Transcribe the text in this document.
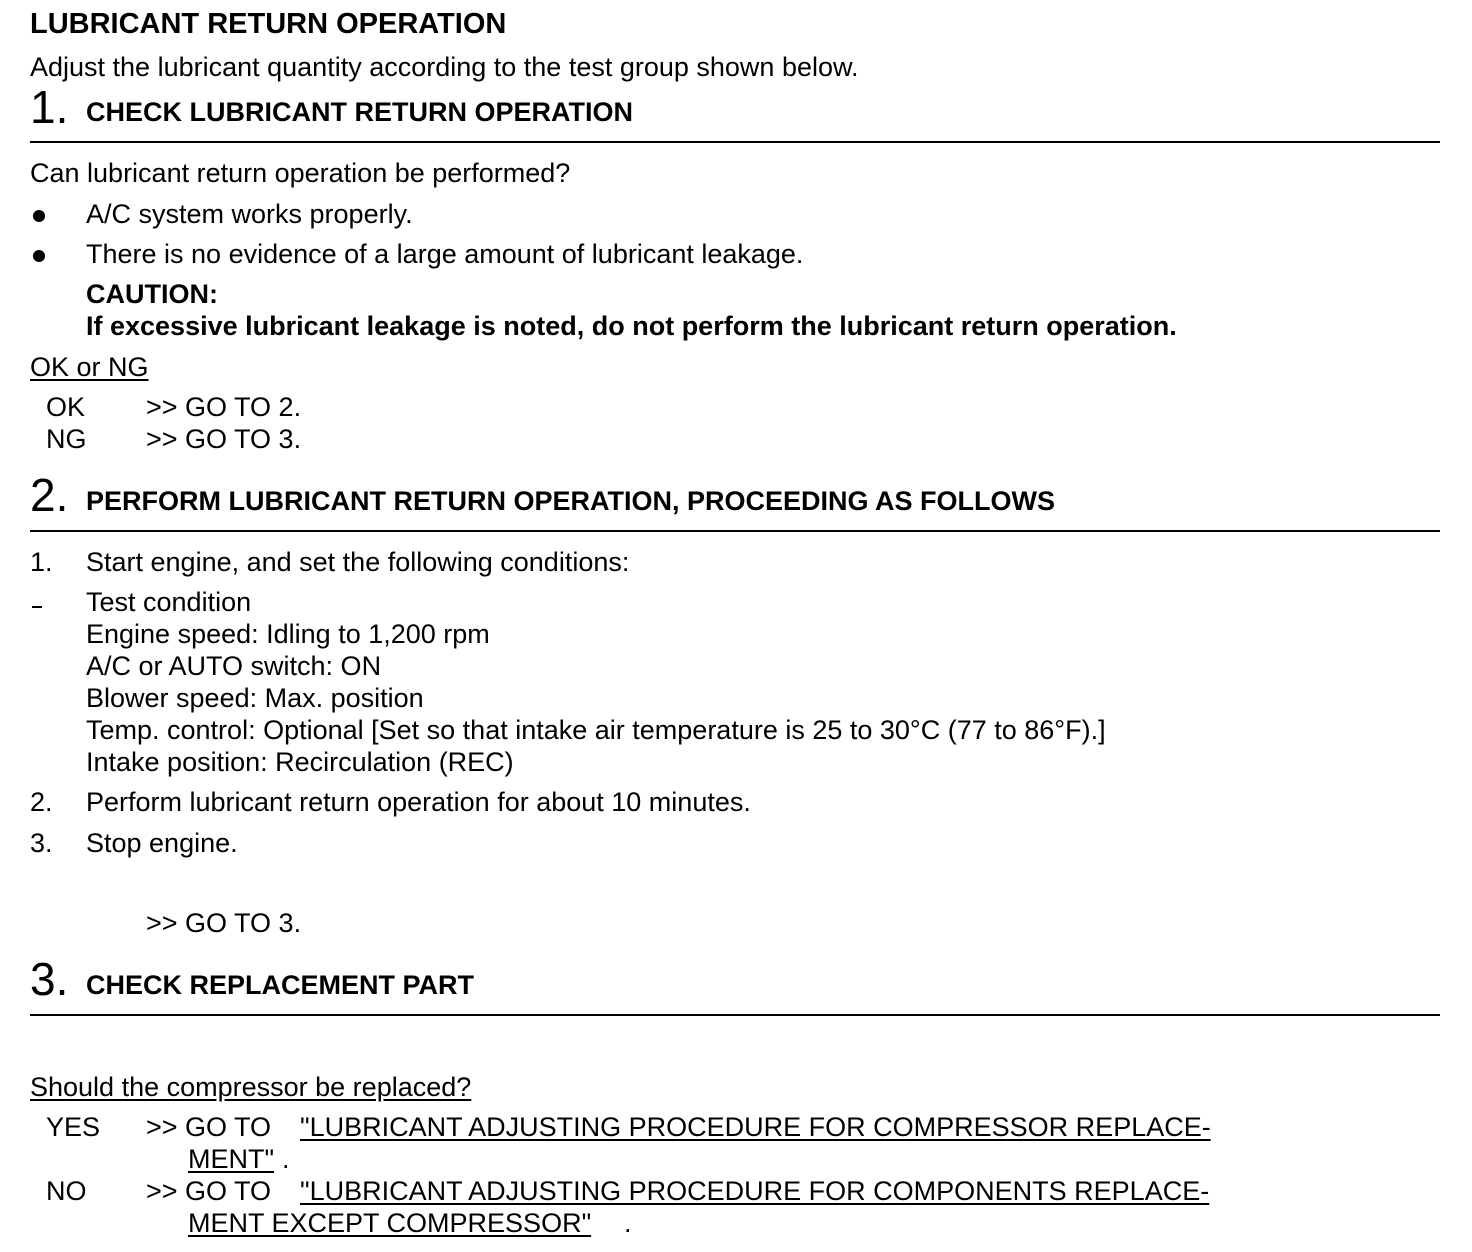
LUBRICANT RETURN OPERATION
Adjust the lubricant quantity according to the test group shown below.
1. CHECK LUBRICANT RETURN OPERATION
Can lubricant return operation be performed?
A/C system works properly.
There is no evidence of a large amount of lubricant leakage.
CAUTION:
If excessive lubricant leakage is noted, do not perform the lubricant return operation.
OK or NG
OK >> GO TO 2.
NG >> GO TO 3.
2. PERFORM LUBRICANT RETURN OPERATION, PROCEEDING AS FOLLOWS
1. Start engine, and set the following conditions:
Test condition
Engine speed: Idling to 1,200 rpm
A/C or AUTO switch: ON
Blower speed: Max. position
Temp. control: Optional [Set so that intake air temperature is 25 to 30°C (77 to 86°F).]
Intake position: Recirculation (REC)
2. Perform lubricant return operation for about 10 minutes.
3. Stop engine.
>> GO TO 3.
3. CHECK REPLACEMENT PART
Should the compressor be replaced?
YES >> GO TO "LUBRICANT ADJUSTING PROCEDURE FOR COMPRESSOR REPLACE-
MENT" .
NO >> GO TO "LUBRICANT ADJUSTING PROCEDURE FOR COMPONENTS REPLACE-
MENT EXCEPT COMPRESSOR" .
